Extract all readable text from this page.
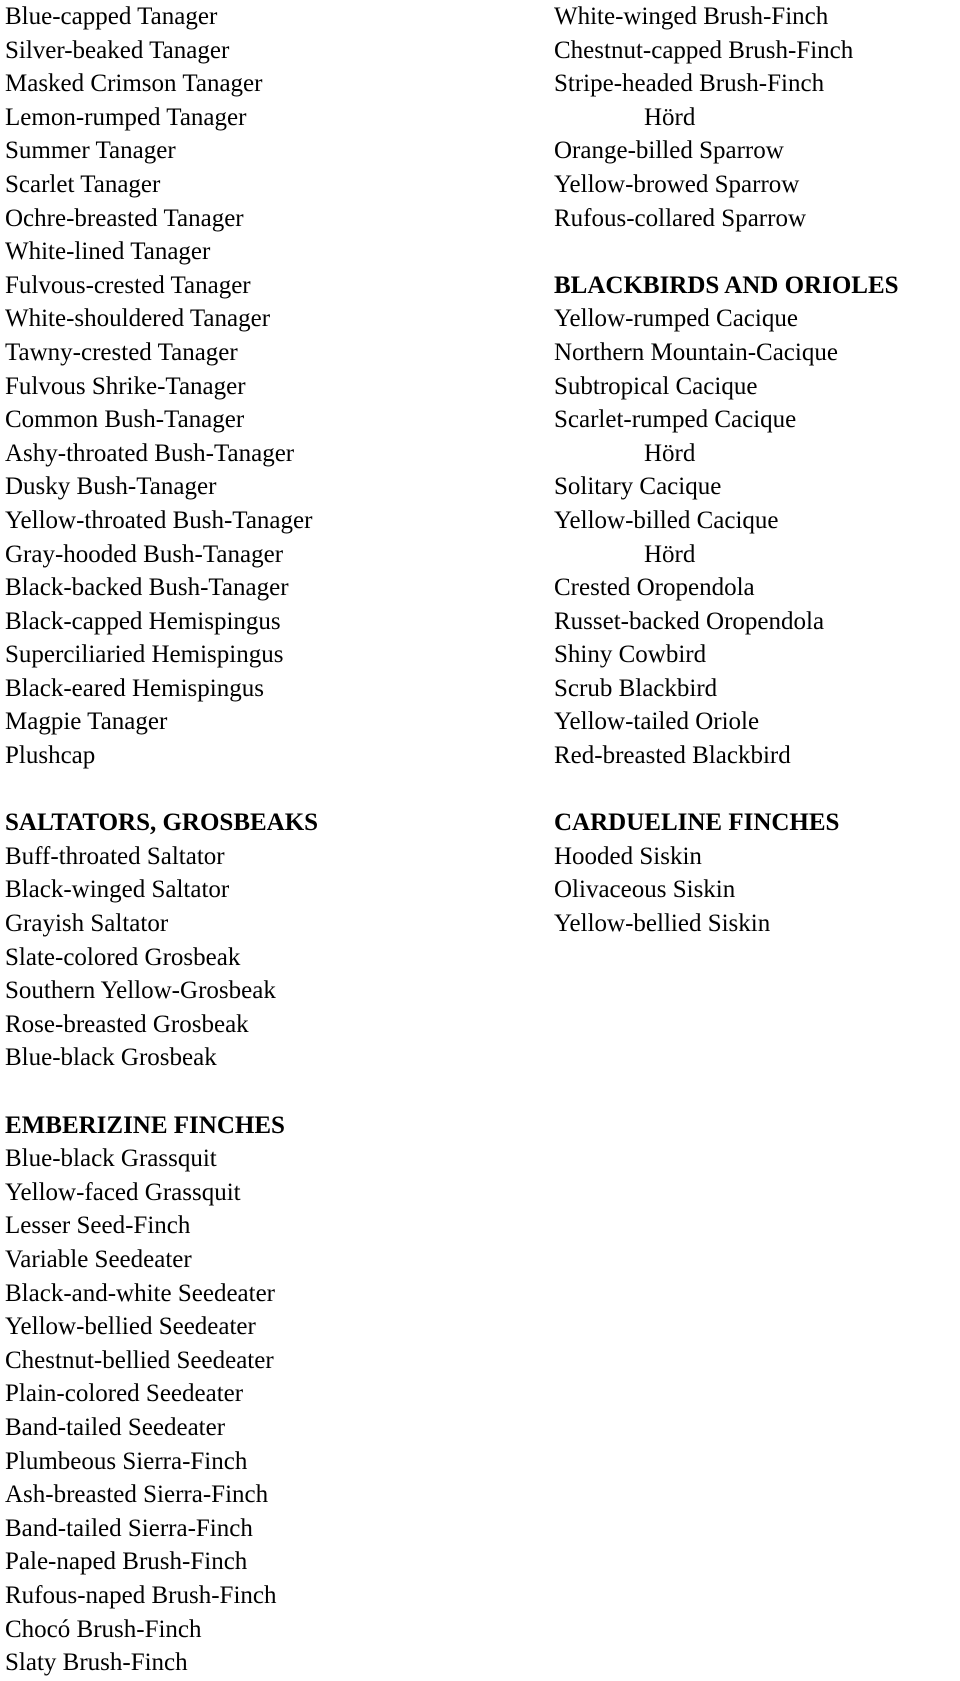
Blue-capped Tanager
Silver-beaked Tanager
Masked Crimson Tanager
Lemon-rumped Tanager
Summer Tanager
Scarlet Tanager
Ochre-breasted Tanager
White-lined Tanager
Fulvous-crested Tanager
White-shouldered Tanager
Tawny-crested Tanager
Fulvous Shrike-Tanager
Common Bush-Tanager
Ashy-throated Bush-Tanager
Dusky Bush-Tanager
Yellow-throated Bush-Tanager
Gray-hooded Bush-Tanager
Black-backed Bush-Tanager
Black-capped Hemispingus
Superciliaried Hemispingus
Black-eared Hemispingus
Magpie Tanager
Plushcap
SALTATORS, GROSBEAKS
Buff-throated Saltator
Black-winged Saltator
Grayish Saltator
Slate-colored Grosbeak
Southern Yellow-Grosbeak
Rose-breasted Grosbeak
Blue-black Grosbeak
EMBERIZINE FINCHES
Blue-black Grassquit
Yellow-faced Grassquit
Lesser Seed-Finch
Variable Seedeater
Black-and-white Seedeater
Yellow-bellied Seedeater
Chestnut-bellied Seedeater
Plain-colored Seedeater
Band-tailed Seedeater
Plumbeous Sierra-Finch
Ash-breasted Sierra-Finch
Band-tailed Sierra-Finch
Pale-naped Brush-Finch
Rufous-naped Brush-Finch
Chocó Brush-Finch
Slaty Brush-Finch
White-winged Brush-Finch
Chestnut-capped Brush-Finch
Stripe-headed Brush-Finch
Hörd
Orange-billed Sparrow
Yellow-browed Sparrow
Rufous-collared Sparrow
BLACKBIRDS AND ORIOLES
Yellow-rumped Cacique
Northern Mountain-Cacique
Subtropical Cacique
Scarlet-rumped Cacique
Hörd
Solitary Cacique
Yellow-billed Cacique
Hörd
Crested Oropendola
Russet-backed Oropendola
Shiny Cowbird
Scrub Blackbird
Yellow-tailed Oriole
Red-breasted Blackbird
CARDUELINE FINCHES
Hooded Siskin
Olivaceous Siskin
Yellow-bellied Siskin
